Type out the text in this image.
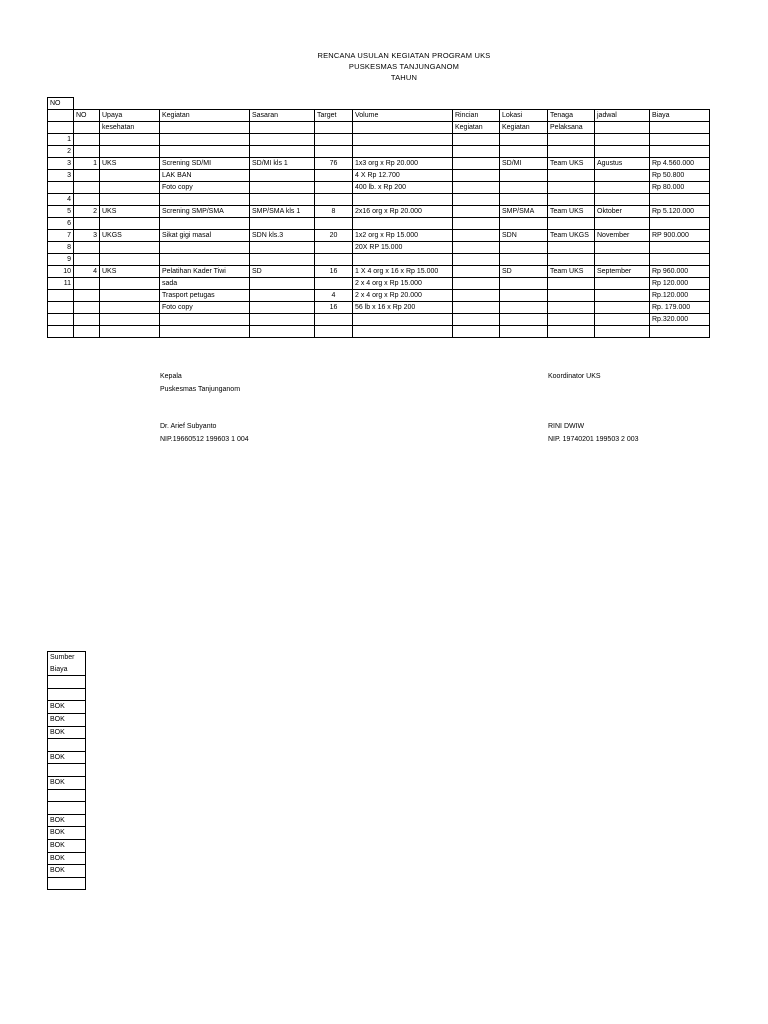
RENCANA USULAN KEGIATAN PROGRAM UKS
PUSKESMAS TANJUNGANOM
TAHUN
NO											
	NO	Upaya	Kegiatan	Sasaran	Target	Volume	Rincian	Lokasi	Tenaga	jadwal	Biaya
		kesehatan					Kegiatan	Kegiatan	Pelaksana		
1											
2											
3	1	UKS	Screning SD/MI	SD/MI kls 1	76	1x3 org x Rp 20.000		SD/MI	Team UKS	Agustus	Rp 4.560.000
3			LAK BAN			4 X Rp 12.700					Rp 50.800
			Foto copy			400 lb. x Rp 200					Rp 80.000
4											
5	2	UKS	Screning SMP/SMA	SMP/SMA kls 1	8	2x16 org x Rp 20.000		SMP/SMA	Team UKS	Oktober	Rp 5.120.000
6											
7	3	UKGS	Sikat gigi masal	SDN kls.3	20	1x2 org x Rp 15.000		SDN	Team UKGS	November	RP 900.000
8						20X RP 15.000					
9											
10	4	UKS	Pelatihan Kader Tiwi	SD	16	1 X 4 org x 16 x Rp 15.000		SD	Team UKS	September	Rp 960.000
11			sada			2 x 4 org x Rp 15.000					Rp 120.000
			Trasport petugas		4	2 x 4 org x Rp 20.000					Rp.120.000
			Foto copy		16	56 lb x 16 x Rp 200					Rp. 179.000
											Rp.320.000

Kepala
Puskesmas Tanjunganom
Dr. Arief Subyanto
NIP.19660512 199603 1 004
Koordinator UKS
RINI DWIW
NIP. 19740201 199503 2 003
Sumber
Biaya

BOK
BOK
BOK

BOK

BOK

BOK
BOK
BOK
BOK
BOK
